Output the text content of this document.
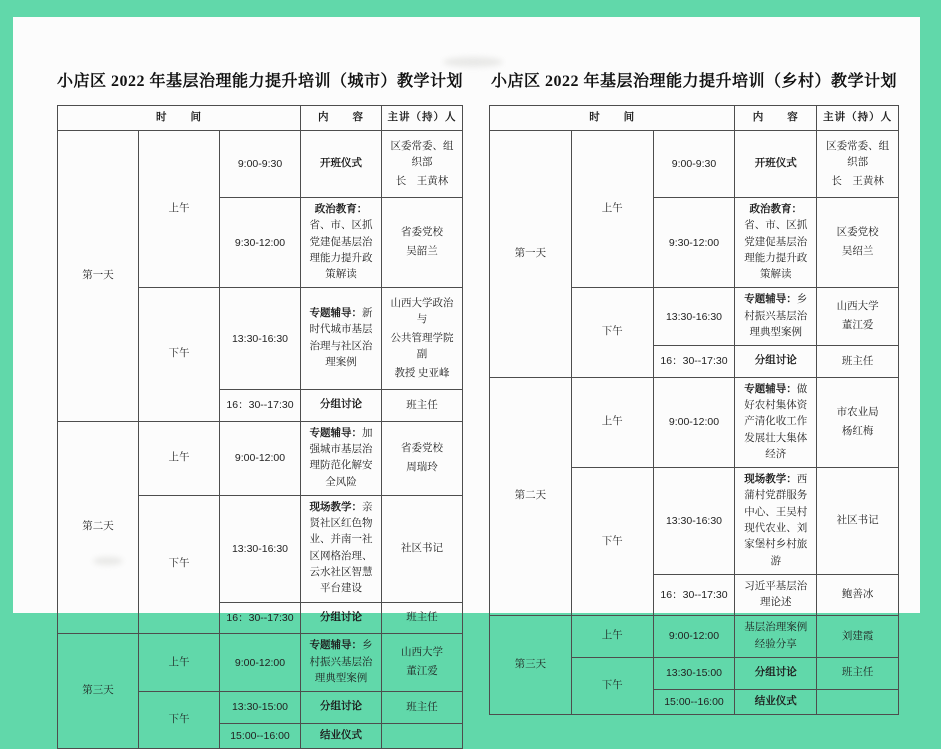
小店区 2022 年基层治理能力提升培训（城市）教学计划
时　　间			内　　容	主讲（持）人
第一天	上午	9:00-9:30	开班仪式	区委常委、组织部
长　王黄林

		9:30-12:00	政治教育：省、市、区抓党建促基层治理能力提升政策解读	省委党校
吴韶兰

	下午	13:30-16:30	专题辅导：新时代城市基层治理与社区治理案例	山西大学政治与
公共管理学院副
教授 史亚峰

		16：30--17:30	分组讨论	班主任

第二天	上午	9:00-12:00	专题辅导：加强城市基层治理防范化解安全风险	省委党校
周瑞玲

	下午	13:30-16:30	现场教学：亲贤社区红色物业、并南一社区网格治理、云水社区智慧平台建设	社区书记

		16：30--17:30	分组讨论	班主任

第三天	上午	9:00-12:00	专题辅导：乡村振兴基层治理典型案例	山西大学
董江爱

	下午	13:30-15:00	分组讨论	班主任

		15:00--16:00	结业仪式	
小店区 2022 年基层治理能力提升培训（乡村）教学计划
时　　间			内　　容	主讲（持）人
第一天	上午	9:00-9:30	开班仪式	区委常委、组织部
长　王黄林

		9:30-12:00	政治教育：省、市、区抓党建促基层治理能力提升政策解读	区委党校
吴绍兰

	下午	13:30-16:30	专题辅导：乡村振兴基层治理典型案例	山西大学
董江爱

		16：30--17:30	分组讨论	班主任

第二天	上午	9:00-12:00	专题辅导：做好农村集体资产清化收工作 发展壮大集体经济	市农业局
杨红梅

	下午	13:30-16:30	现场教学：西蒲村党群服务中心、王吴村现代农业、刘家堡村乡村旅游	社区书记

		16：30--17:30	习近平基层治理论述	鲍善冰

第三天	上午	9:00-12:00	基层治理案例经验分享	刘建霞

	下午	13:30-15:00	分组讨论	班主任

		15:00--16:00	结业仪式	
